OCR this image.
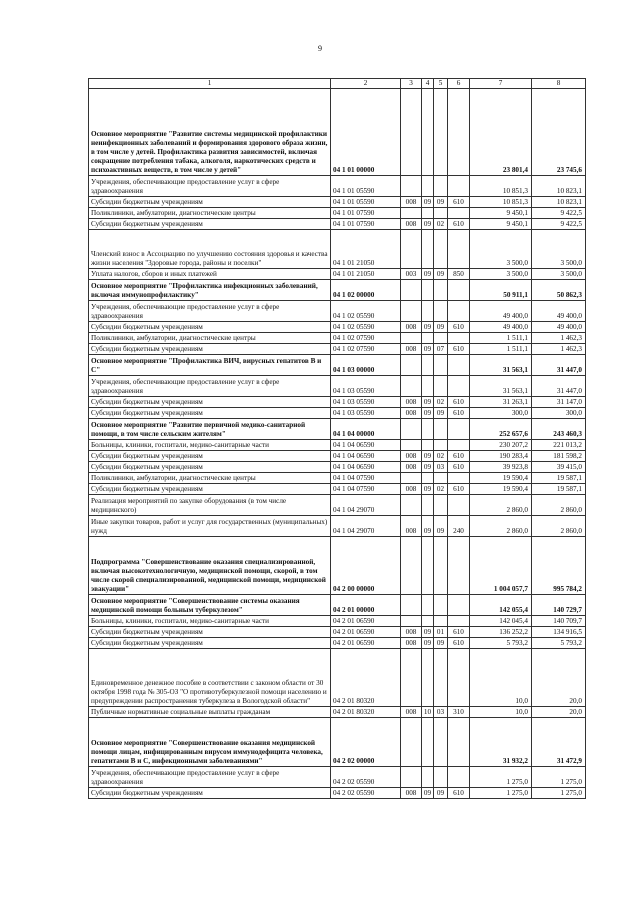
9
1	2	3	4	5	6	7	8
Основное мероприятие "Развитие системы медицинской профилактики неинфекционных заболеваний и формирования здорового образа жизни, в том числе у детей. Профилактика развития зависимостей, включая сокращение потребления табака, алкоголя, наркотических средств и психоактивных веществ, в том числе у детей"	04 1 01 00000					23 801,4	23 745,6
Учреждения, обеспечивающие предоставление услуг в сфере здравоохранения	04 1 01 05590					10 851,3	10 823,1
Субсидии бюджетным учреждениям	04 1 01 05590	008	09	09	610	10 851,3	10 823,1
Поликлиники, амбулатории, диагностические центры	04 1 01 07590					9 450,1	9 422,5
Субсидии бюджетным учреждениям	04 1 01 07590	008	09	02	610	9 450,1	9 422,5
Членский взнос в Ассоциацию по улучшению состояния здоровья и качества жизни населения "Здоровые города, районы и поселки"	04 1 01 21050					3 500,0	3 500,0
Уплата налогов, сборов и иных платежей	04 1 01 21050	003	09	09	850	3 500,0	3 500,0
Основное мероприятие "Профилактика инфекционных заболеваний, включая иммунопрофилактику"	04 1 02 00000					50 911,1	50 862,3
Учреждения, обеспечивающие предоставление услуг в сфере здравоохранения	04 1 02 05590					49 400,0	49 400,0
Субсидии бюджетным учреждениям	04 1 02 05590	008	09	09	610	49 400,0	49 400,0
Поликлиники, амбулатории, диагностические центры	04 1 02 07590					1 511,1	1 462,3
Субсидии бюджетным учреждениям	04 1 02 07590	008	09	07	610	1 511,1	1 462,3
Основное мероприятие "Профилактика ВИЧ, вирусных гепатитов В и С"	04 1 03 00000					31 563,1	31 447,0
Учреждения, обеспечивающие предоставление услуг в сфере здравоохранения	04 1 03 05590					31 563,1	31 447,0
Субсидии бюджетным учреждениям	04 1 03 05590	008	09	02	610	31 263,1	31 147,0
Субсидии бюджетным учреждениям	04 1 03 05590	008	09	09	610	300,0	300,0
Основное мероприятие "Развитие первичной медико-санитарной помощи, в том числе сельским жителям"	04 1 04 00000					252 657,6	243 460,3
Больницы, клиники, госпитали, медико-санитарные части	04 1 04 06590					230 207,2	221 013,2
Субсидии бюджетным учреждениям	04 1 04 06590	008	09	02	610	190 283,4	181 598,2
Субсидии бюджетным учреждениям	04 1 04 06590	008	09	03	610	39 923,8	39 415,0
Поликлиники, амбулатории, диагностические центры	04 1 04 07590					19 590,4	19 587,1
Субсидии бюджетным учреждениям	04 1 04 07590	008	09	02	610	19 590,4	19 587,1
Реализация мероприятий по закупке оборудования (в том числе медицинского)	04 1 04 29070					2 860,0	2 860,0
Иные закупки товаров, работ и услуг для государственных (муниципальных) нужд	04 1 04 29070	008	09	09	240	2 860,0	2 860,0
Подпрограмма "Совершенствование оказания специализированной, включая высокотехнологичную, медицинской помощи, скорой, в том числе скорой специализированной, медицинской помощи, медицинской эвакуации"	04 2 00 00000					1 004 057,7	995 784,2
Основное мероприятие "Совершенствование системы оказания медицинской помощи больным туберкулезом"	04 2 01 00000					142 055,4	140 729,7
Больницы, клиники, госпитали, медико-санитарные части	04 2 01 06590					142 045,4	140 709,7
Субсидии бюджетным учреждениям	04 2 01 06590	008	09	01	610	136 252,2	134 916,5
Субсидии бюджетным учреждениям	04 2 01 06590	008	09	09	610	5 793,2	5 793,2
Единовременное денежное пособие в соответствии с законом области от 30 октября 1998 года № 305-ОЗ "О противотуберкулезной помощи населению и предупреждении распространения туберкулеза в Вологодской области"	04 2 01 80320					10,0	20,0
Публичные нормативные социальные выплаты гражданам	04 2 01 80320	008	10	03	310	10,0	20,0
Основное мероприятие "Совершенствование оказания медицинской помощи лицам, инфицированным вирусом иммунодефицита человека, гепатитами В и С, инфекционными заболеваниями"	04 2 02 00000					31 932,2	31 472,9
Учреждения, обеспечивающие предоставление услуг в сфере здравоохранения	04 2 02 05590					1 275,0	1 275,0
Субсидии бюджетным учреждениям	04 2 02 05590	008	09	09	610	1 275,0	1 275,0
